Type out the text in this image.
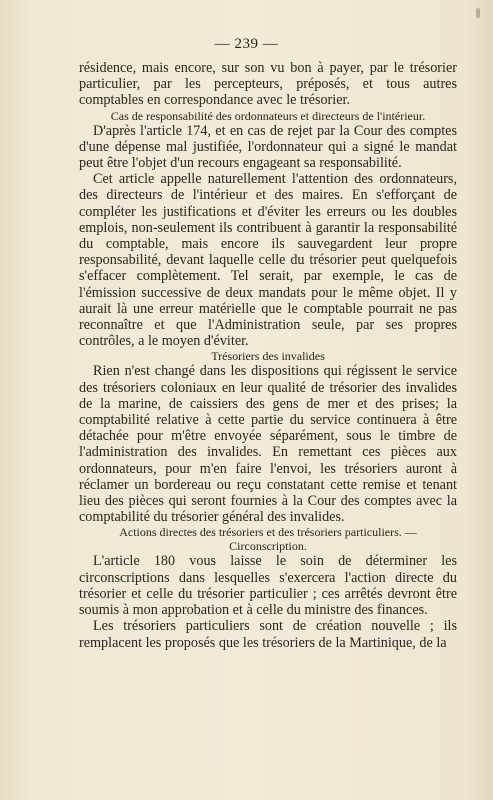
— 239 —

résidence, mais encore, sur son vu bon à payer, par le trésorier particulier, par les percepteurs, préposés, et tous autres comptables en correspondance avec le trésorier.

Cas de responsabilité des ordonnateurs et directeurs de l'intérieur.

D'après l'article 174, et en cas de rejet par la Cour des comptes d'une dépense mal justifiée, l'ordonnateur qui a signé le mandat peut être l'objet d'un recours engageant sa responsabilité.

Cet article appelle naturellement l'attention des ordonnateurs, des directeurs de l'intérieur et des maires. En s'efforçant de compléter les justifications et d'éviter les erreurs ou les doubles emplois, non-seulement ils contribuent à garantir la responsabilité du comptable, mais encore ils sauvegardent leur propre responsabilité, devant laquelle celle du trésorier peut quelquefois s'effacer complètement. Tel serait, par exemple, le cas de l'émission successive de deux mandats pour le même objet. Il y aurait là une erreur matérielle que le comptable pourrait ne pas reconnaître et que l'Administration seule, par ses propres contrôles, a le moyen d'éviter.

Trésoriers des invalides

Rien n'est changé dans les dispositions qui régissent le service des trésoriers coloniaux en leur qualité de trésorier des invalides de la marine, de caissiers des gens de mer et des prises; la comptabilité relative à cette partie du service continuera à être détachée pour m'être envoyée séparément, sous le timbre de l'administration des invalides. En remettant ces pièces aux ordonnateurs, pour m'en faire l'envoi, les trésoriers auront à réclamer un bordereau ou reçu constatant cette remise et tenant lieu des pièces qui seront fournies à la Cour des comptes avec la comptabilité du trésorier général des invalides.

Actions directes des trésoriers et des trésoriers particuliers. — Circonscription.

L'article 180 vous laisse le soin de déterminer les circonscriptions dans lesquelles s'exercera l'action directe du trésorier et celle du trésorier particulier ; ces arrêtés devront être soumis à mon approbation et à celle du ministre des finances.

Les trésoriers particuliers sont de création nouvelle ; ils remplacent les proposés que les trésoriers de la Martinique, de la
